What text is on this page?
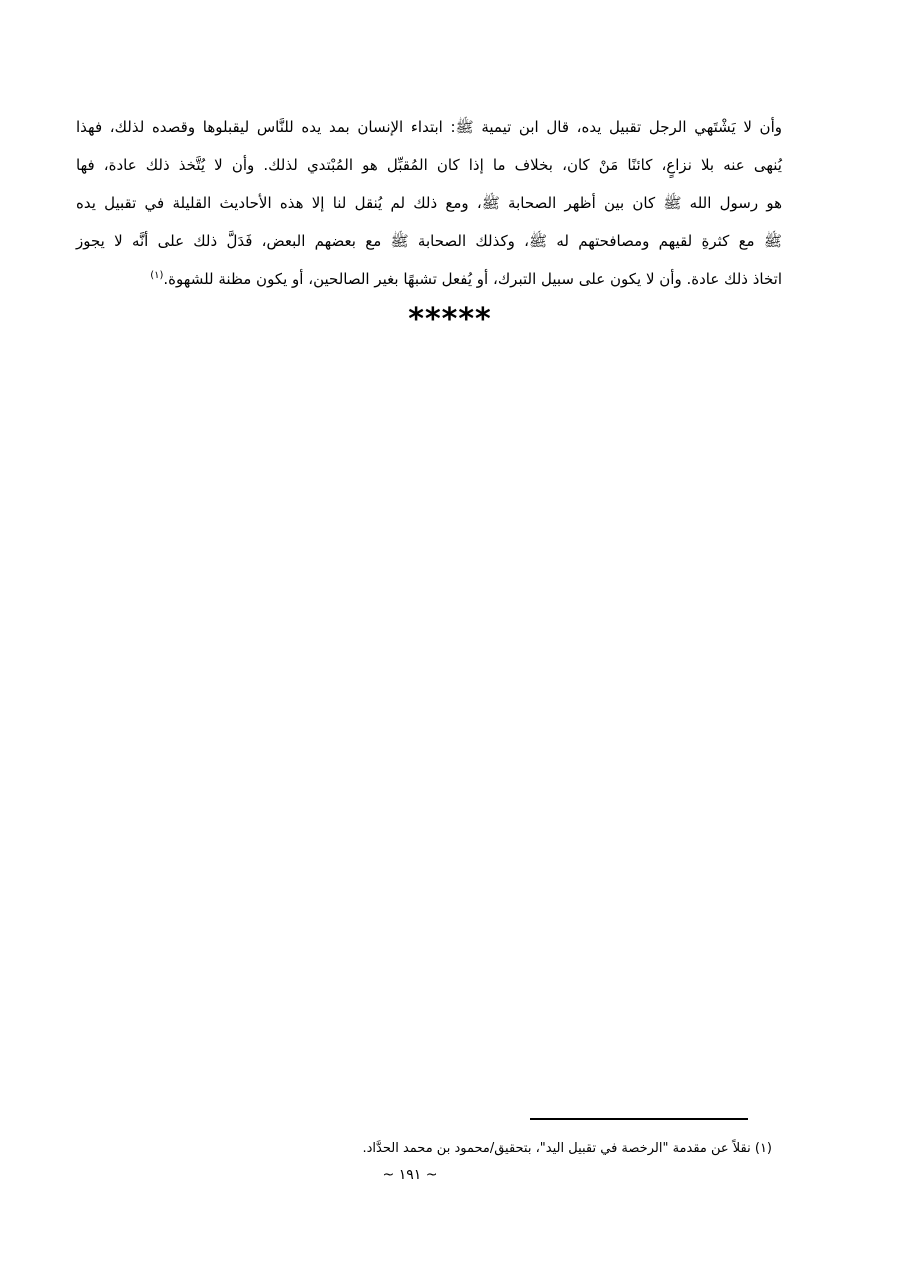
وأن لا يَشْتَهي الرجل تقبيل يده، قال ابن تيمية ﷺ: ابتداء الإنسان بمد يده للنَّاس ليقبلوها وقصده لذلك، فهذا
يُنهى عنه بلا نزاعٍ، كائنًا مَنْ كان، بخلاف ما إذا كان المُقبِّل هو المُبْتدي لذلك. وأن لا يُتَّخذ ذلك عادة، فها
هو رسول الله ﷺ كان بين أظهر الصحابة ﷺ، ومع ذلك لم يُنقل لنا إلا هذه الأحاديث القليلة في تقبيل يده
ﷺ مع كثرةِ لقيهم ومصافحتهم له ﷺ، وكذلك الصحابة ﷺ مع بعضهم البعض، فَدَلَّ ذلك على أنَّه لا يجوز
اتخاذ ذلك عادة. وأن لا يكون على سبيل التبرك، أو يُفعل تشبهًا بغير الصالحين، أو يكون مظنة للشهوة.$^{(١)}$
*****
(١) نقلاً عن مقدمة "الرخصة في تقبيل اليد"، بتحقيق/محمود بن محمد الحدَّاد.
~ ١٩١ ~
